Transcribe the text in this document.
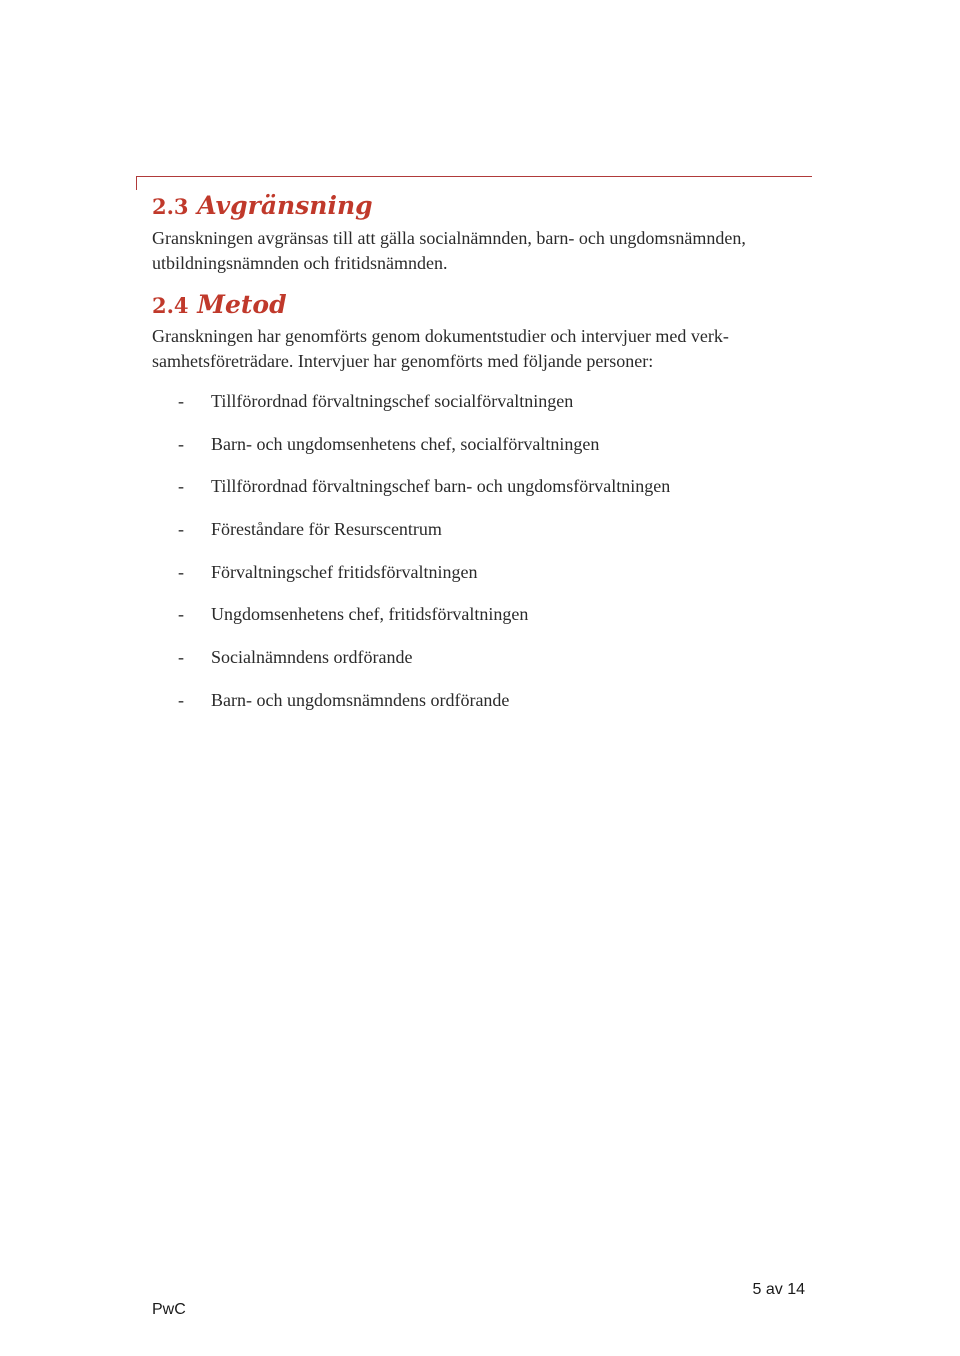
2.3 Avgränsning

Granskningen avgränsas till att gälla socialnämnden, barn- och ungdomsnämnden, utbildningsnämnden och fritidsnämnden.

2.4 Metod

Granskningen har genomförts genom dokumentstudier och intervjuer med verk-samhetsföreträdare. Intervjuer har genomförts med följande personer:

-	Tillförordnad förvaltningschef socialförvaltningen
-	Barn- och ungdomsenhetens chef, socialförvaltningen
-	Tillförordnad förvaltningschef barn- och ungdomsförvaltningen
-	Föreståndare för Resurscentrum
-	Förvaltningschef fritidsförvaltningen
-	Ungdomsenhetens chef, fritidsförvaltningen
-	Socialnämndens ordförande
-	Barn- och ungdomsnämndens ordförande
5 av 14
PwC
